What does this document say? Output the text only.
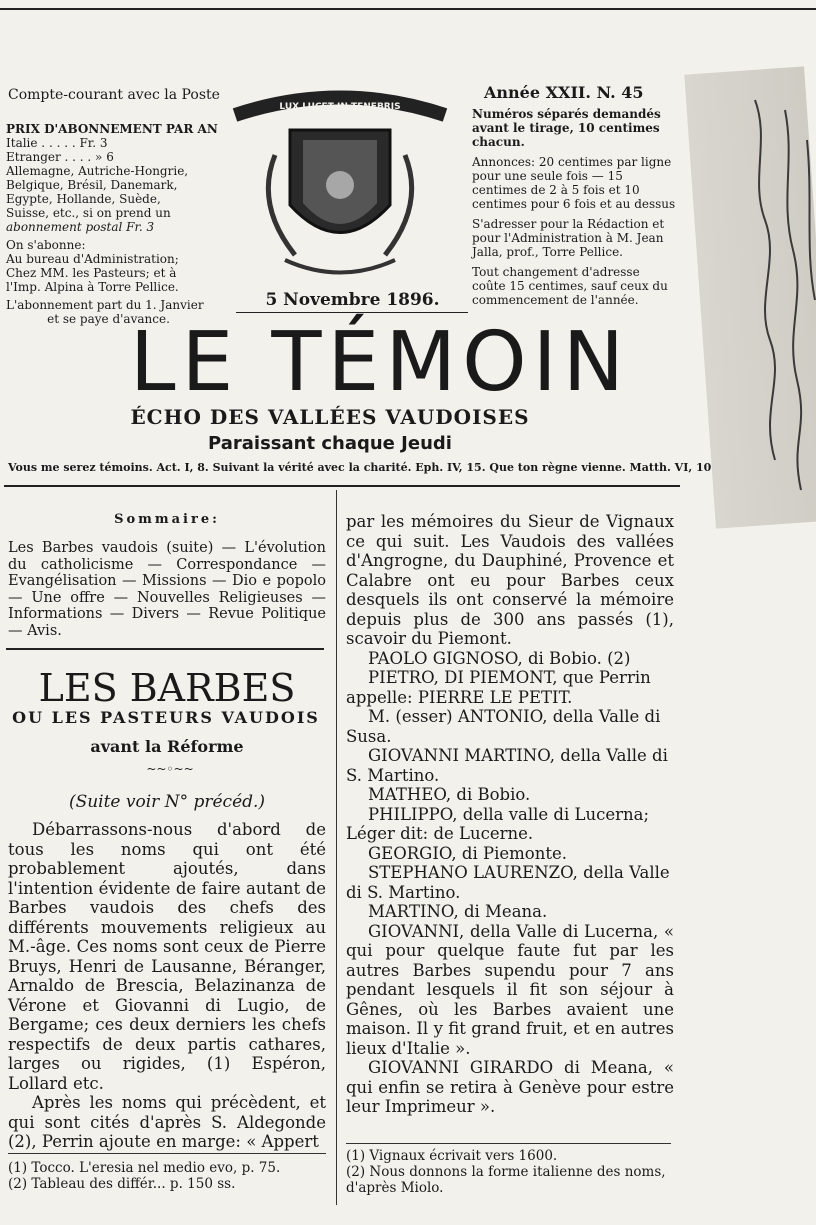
Compte-courant avec la Poste	Année XXII. N. 45
PRIX D'ABONNEMENT PAR AN
Italie . . . . . Fr. 3
Etranger . . . . » 6
Allemagne, Autriche-Hongrie,
Belgique, Brésil, Danemark,
Egypte, Hollande, Suède,
Suisse, etc., si on prend un
abonnement postal Fr. 3
On s'abonne:
Au bureau d'Administration;
Chez MM. les Pasteurs; et à
l'Imp. Alpina à Torre Pellice.
L'abonnement part du 1. Janvier
et se paye d'avance.
LUX LUCET IN TENEBRIS	Numéros séparés demandés avant le tirage, 10 centimes chacun.

Annonces: 20 centimes par ligne pour une seule fois — 15 centimes de 2 à 5 fois et 10 centimes pour 6 fois et au dessus

S'adresser pour la Rédaction et pour l'Administration à M. Jean Jalla, prof., Torre Pellice.

Tout changement d'adresse coûte 15 centimes, sauf ceux du commencement de l'année.

5 Novembre 1896.
LE TÉMOIN
ÉCHO DES VALLÉES VAUDOISES
Paraissant chaque Jeudi
Vous me serez témoins. Act. I, 8. Suivant la vérité avec la charité. Eph. IV, 15. Que ton règne vienne. Matth. VI, 10
Sommaire:
Les Barbes vaudois (suite) — L'évolution du catholicisme — Correspondance — Evangélisation — Missions — Dio e popolo — Une offre — Nouvelles Religieuses — Informations — Divers — Revue Politique — Avis.
LES BARBES
OU LES PASTEURS VAUDOIS
avant la Réforme
~~◦~~
(Suite voir N° précéd.)

Débarrassons-nous d'abord de tous les noms qui ont été probablement ajoutés, dans l'intention évidente de faire autant de Barbes vaudois des chefs des différents mouvements religieux au M.-âge. Ces noms sont ceux de Pierre Bruys, Henri de Lausanne, Béranger, Arnaldo de Brescia, Belazinanza de Vérone et Giovanni di Lugio, de Bergame; ces deux derniers les chefs respectifs de deux partis cathares, larges ou rigides, (1) Espéron, Lollard etc.

Après les noms qui précèdent, et qui sont cités d'après S. Aldegonde (2), Perrin ajoute en marge: « Appert

(1) Tocco. L'eresia nel medio evo, p. 75.
(2) Tableau des différ... p. 150 ss.

par les mémoires du Sieur de Vignaux ce qui suit. Les Vaudois des vallées d'Angrogne, du Dauphiné, Provence et Calabre ont eu pour Barbes ceux desquels ils ont conservé la mémoire depuis plus de 300 ans passés (1), scavoir du Piemont.

PAOLO GIGNOSO, di Bobio. (2)

PIETRO, DI PIEMONT, que Perrin appelle: PIERRE LE PETIT.

M. (esser) ANTONIO, della Valle di Susa.

GIOVANNI MARTINO, della Valle di S. Martino.

MATHEO, di Bobio.

PHILIPPO, della valle di Lucerna; Léger dit: de Lucerne.

GEORGIO, di Piemonte.

STEPHANO LAURENZO, della Valle di S. Martino.

MARTINO, di Meana.

GIOVANNI, della Valle di Lucerna, « qui pour quelque faute fut par les autres Barbes supendu pour 7 ans pendant lesquels il fit son séjour à Gênes, où les Barbes avaient une maison. Il y fit grand fruit, et en autres lieux d'Italie ».

GIOVANNI GIRARDO di Meana, « qui enfin se retira à Genève pour estre leur Imprimeur ».

(1) Vignaux écrivait vers 1600.
(2) Nous donnons la forme italienne des noms, d'après Miolo.
